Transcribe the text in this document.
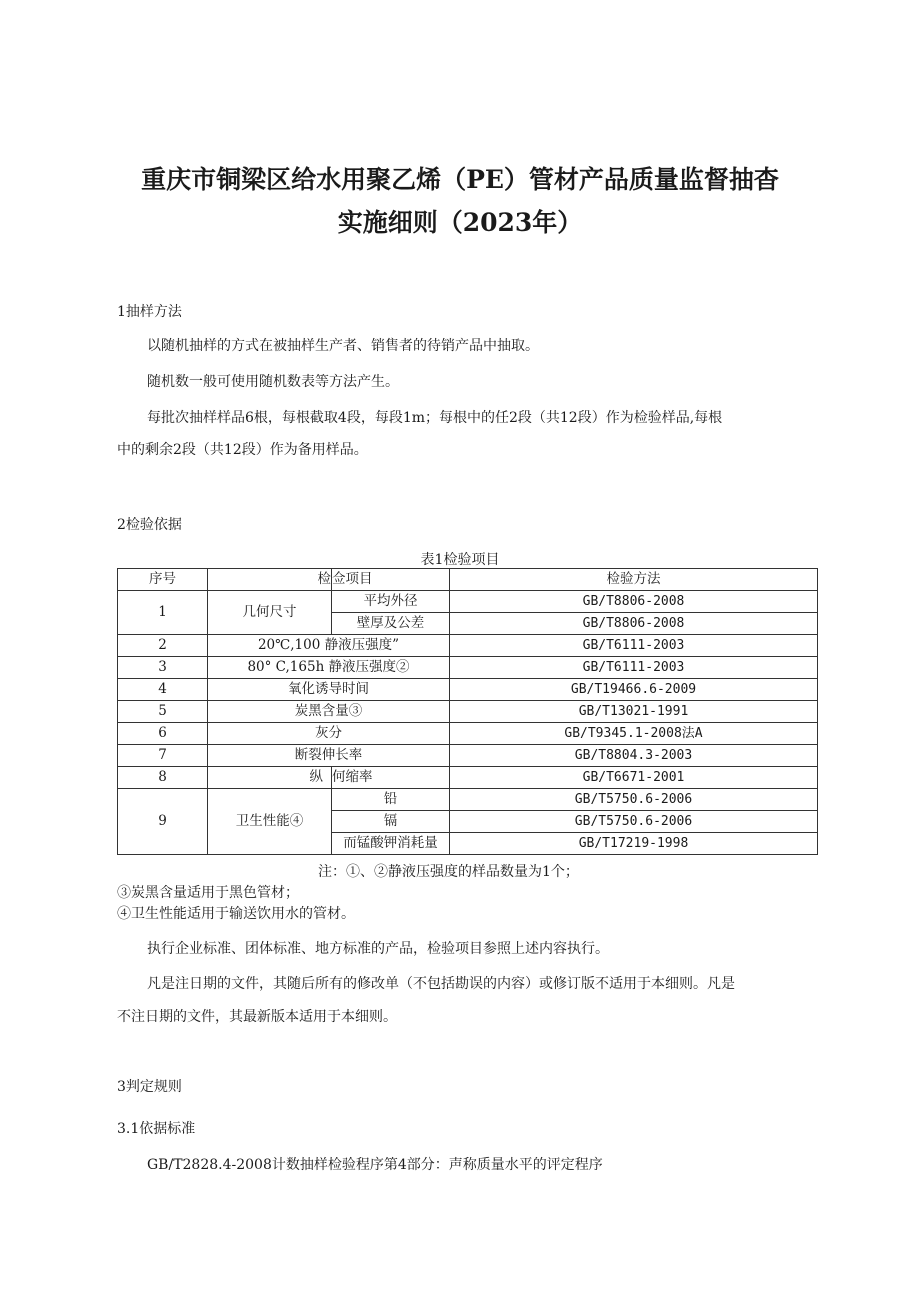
重庆市铜梁区给水用聚乙烯（PE）管材产品质量监督抽杳
实施细则（2023年）
1抽样方法
以随机抽样的方式在被抽样生产者、销售者的待销产品中抽取。
随机数一般可使用随机数表等方法产生。
每批次抽样样品6根，每根截取4段，每段1m；每根中的任2段（共12段）作为检验样品,每根
中的剩余2段（共12段）作为备用样品。
2检验依据
表1检验项目
序号	检	佥项目	检验方法
1	几何尺寸	平均外径	GB/T8806-2008
		壁厚及公差	GB/T8806-2008
2	20℃,100 静液压强度”		GB/T6111-2003
3	80° C,165h 静液压强度②		GB/T6111-2003
4	氧化诱导时间		GB/T19466.6-2009
5	炭黑含量③		GB/T13021-1991
6	灰分		GB/T9345.1-2008法A
7	断裂伸长率		GB/T8804.3-2003
8	纵	何缩率	GB/T6671-2001
9	卫生性能④	铅	GB/T5750.6-2006
		镉	GB/T5750.6-2006
		而锰酸钾消耗量	GB/T17219-1998
注：①、②静液压强度的样品数量为1个；
③炭黑含量适用于黑色管材；
④卫生性能适用于输送饮用水的管材。
执行企业标准、团体标准、地方标准的产品，检验项目参照上述内容执行。
凡是注日期的文件，其随后所有的修改单（不包括勘误的内容）或修订版不适用于本细则。凡是
不注日期的文件，其最新版本适用于本细则。
3判定规则
3.1依据标准
GB/T2828.4-2008计数抽样检验程序第4部分：声称质量水平的评定程序
